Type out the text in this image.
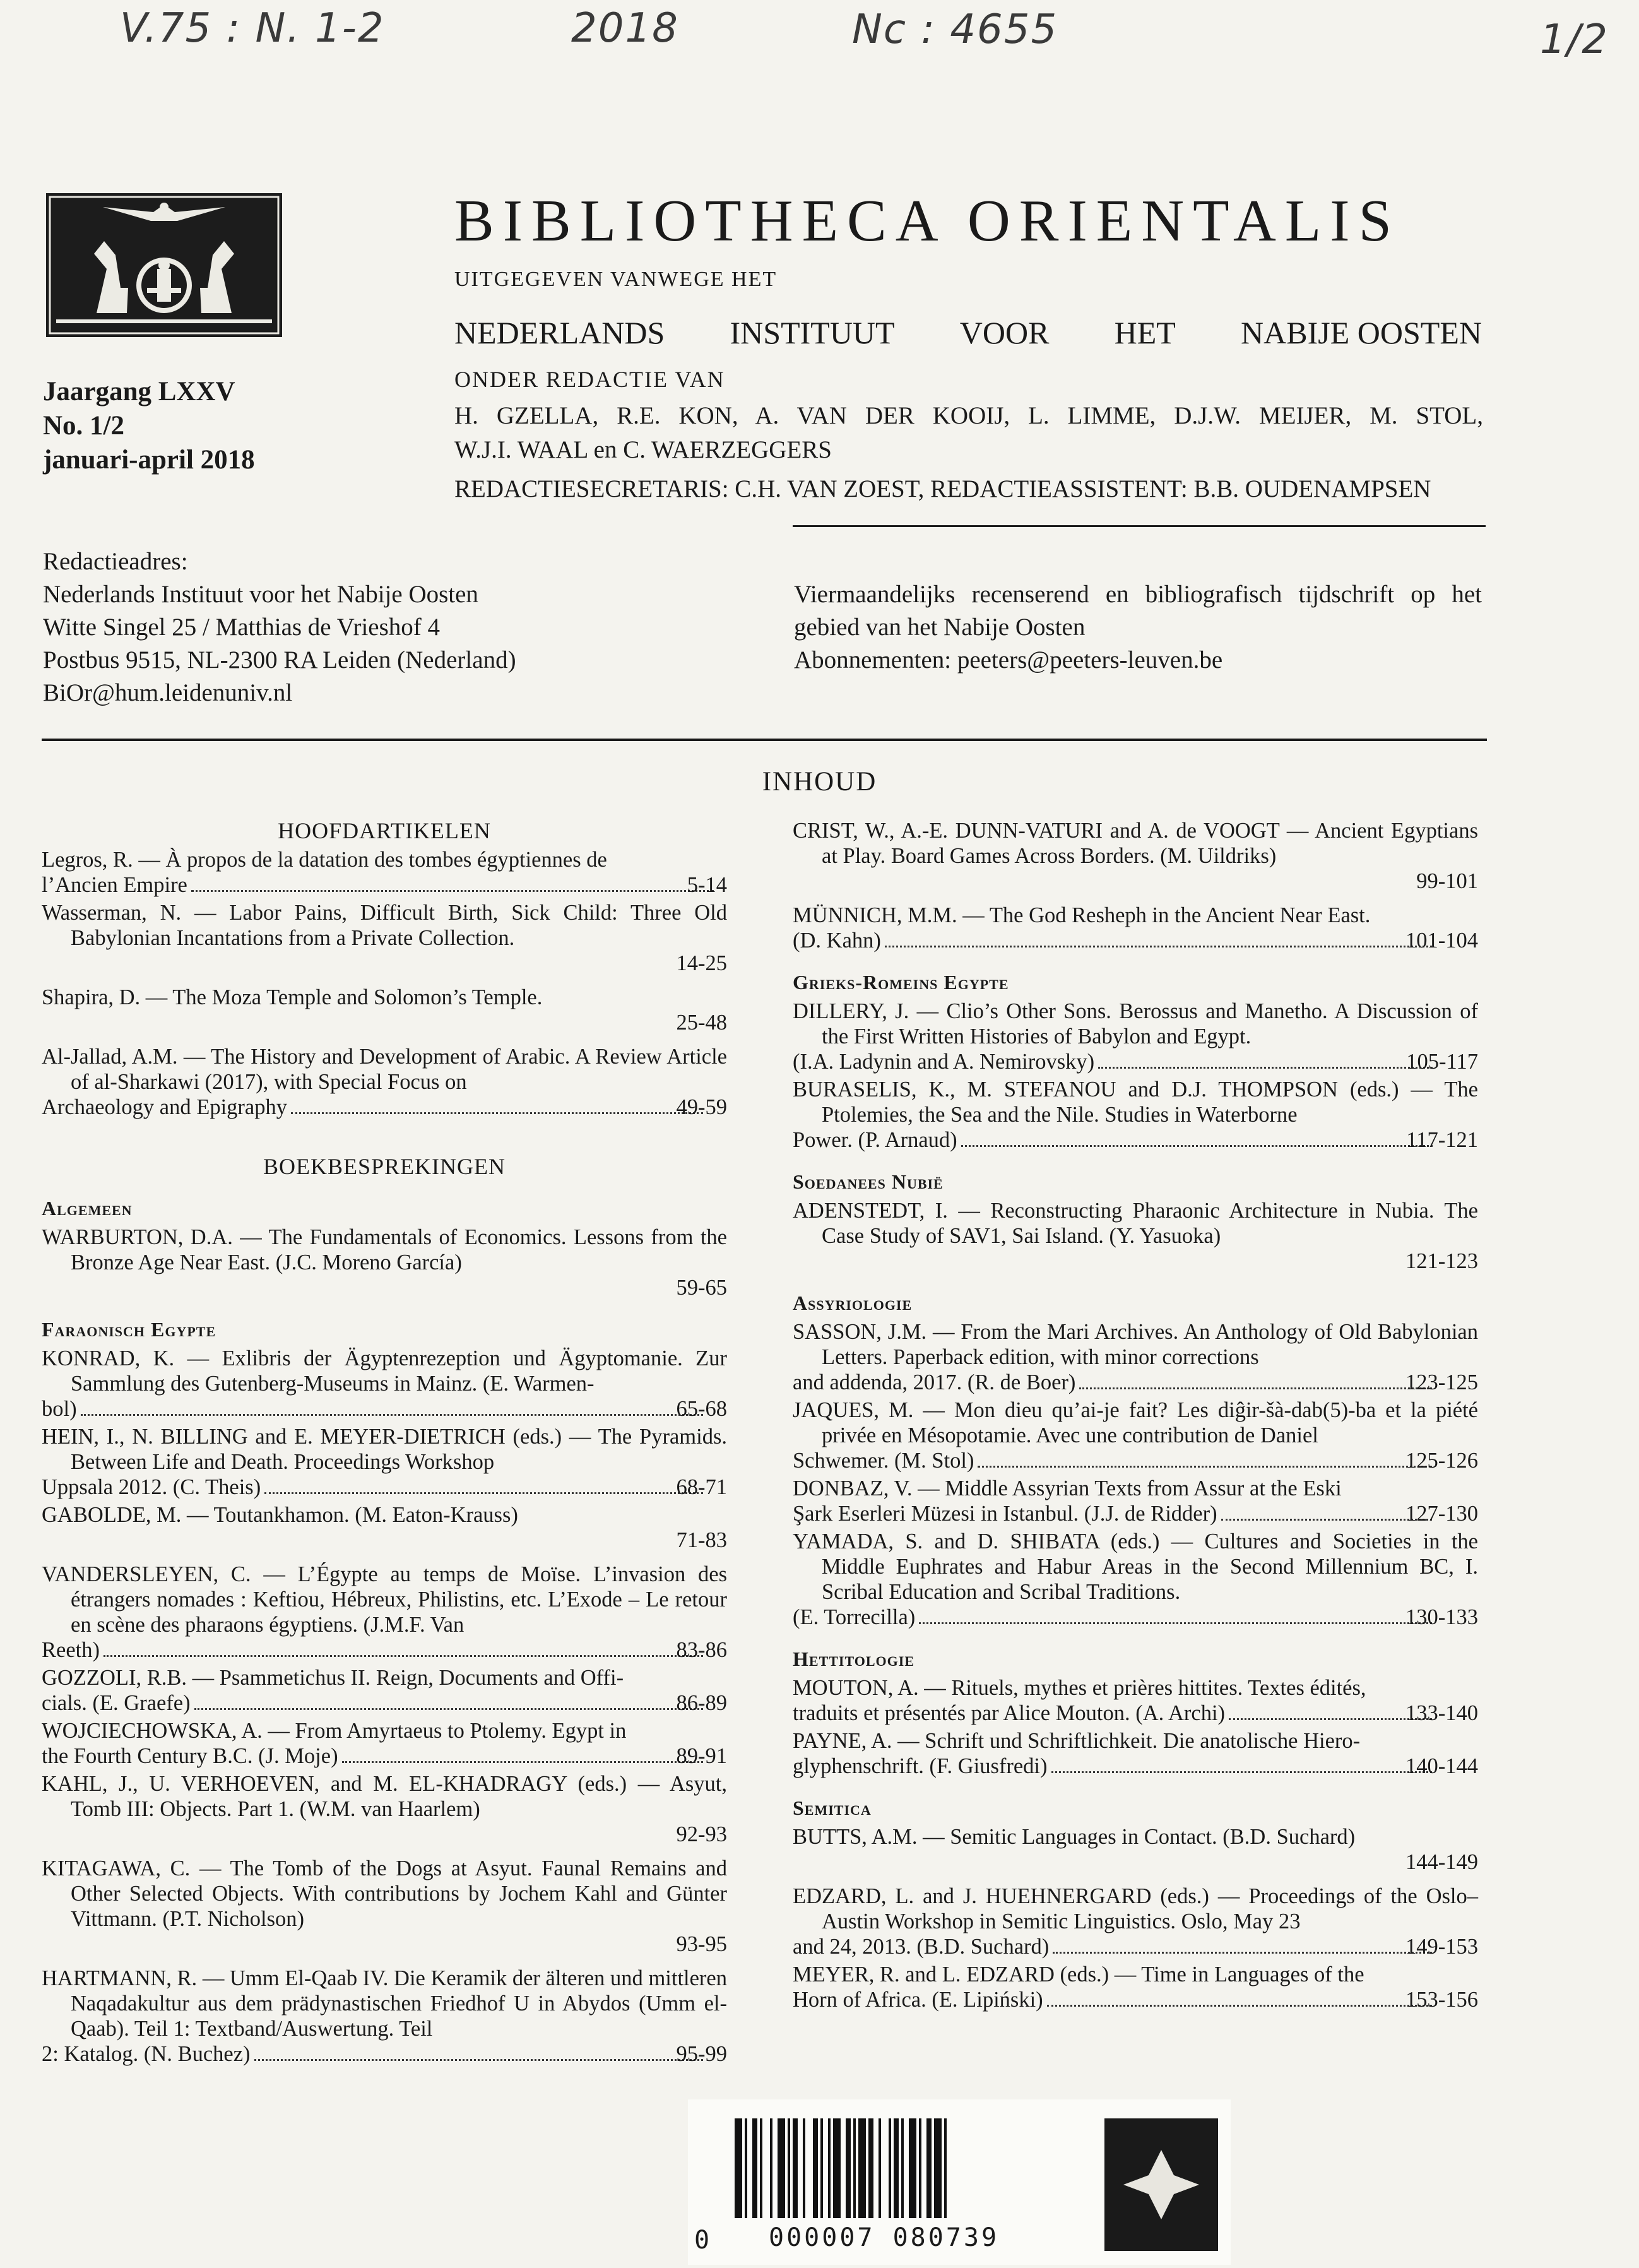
V.75 : N. 1-2	2018	Nc : 4655	1/2
BIBLIOTHECA ORIENTALIS
UITGEGEVEN VANWEGE HET
NEDERLANDS INSTITUUT VOOR HET NABIJE OOSTEN
ONDER REDACTIE VAN
H. GZELLA, R.E. KON, A. VAN DER KOOIJ, L. LIMME, D.J.W. MEIJER, M. STOL,
W.J.I. WAAL en C. WAERZEGGERS
REDACTIESECRETARIS: C.H. VAN ZOEST, REDACTIEASSISTENT: B.B. OUDENAMPSEN
Jaargang LXXV
No. 1/2
januari-april 2018
Redactieadres:
Nederlands Instituut voor het Nabije Oosten
Witte Singel 25 / Matthias de Vrieshof 4
Postbus 9515, NL-2300 RA Leiden (Nederland)
BiOr@hum.leidenuniv.nl
Viermaandelijks recenserend en bibliografisch tijdschrift op het gebied van het Nabije Oosten
Abonnementen: peeters@peeters-leuven.be
INHOUD
HOOFDARTIKELEN
Legros, R. — À propos de la datation des tombes égyptiennes de
l’Ancien Empire	5-14
Wasserman, N. — Labor Pains, Difficult Birth, Sick Child: Three Old Babylonian Incantations from a Private Collection.
14-25
Shapira, D. — The Moza Temple and Solomon’s Temple.
25-48
Al-Jallad, A.M. — The History and Development of Arabic. A Review Article of al-Sharkawi (2017), with Special Focus on
Archaeology and Epigraphy	49-59
BOEKBESPREKINGEN
Algemeen
WARBURTON, D.A. — The Fundamentals of Economics. Lessons from the Bronze Age Near East. (J.C. Moreno García)
59-65
Faraonisch Egypte
KONRAD, K. — Exlibris der Ägyptenrezeption und Ägyptomanie. Zur Sammlung des Gutenberg-Museums in Mainz. (E. Warmen-
bol)	65-68
HEIN, I., N. BILLING and E. MEYER-DIETRICH (eds.) — The Pyramids. Between Life and Death. Proceedings Workshop
Uppsala 2012. (C. Theis)	68-71
GABOLDE, M. — Toutankhamon. (M. Eaton-Krauss)
71-83
VANDERSLEYEN, C. — L’Égypte au temps de Moïse. L’invasion des étrangers nomades : Keftiou, Hébreux, Philistins, etc. L’Exode – Le retour en scène des pharaons égyptiens. (J.M.F. Van
Reeth)	83-86
GOZZOLI, R.B. — Psammetichus II. Reign, Documents and Offi-
cials. (E. Graefe)	86-89
WOJCIECHOWSKA, A. — From Amyrtaeus to Ptolemy. Egypt in
the Fourth Century B.C. (J. Moje)	89-91
KAHL, J., U. VERHOEVEN, and M. EL-KHADRAGY (eds.) — Asyut, Tomb III: Objects. Part 1. (W.M. van Haarlem)
92-93
KITAGAWA, C. — The Tomb of the Dogs at Asyut. Faunal Remains and Other Selected Objects. With contributions by Jochem Kahl and Günter Vittmann. (P.T. Nicholson)
93-95
HARTMANN, R. — Umm El-Qaab IV. Die Keramik der älteren und mittleren Naqadakultur aus dem prädynastischen Friedhof U in Abydos (Umm el-Qaab). Teil 1: Textband/Auswertung. Teil
2: Katalog. (N. Buchez)	95-99
CRIST, W., A.-E. DUNN-VATURI and A. de VOOGT — Ancient Egyptians at Play. Board Games Across Borders. (M. Uildriks)
99-101
MÜNNICH, M.M. — The God Resheph in the Ancient Near East.
(D. Kahn)	101-104
Grieks-Romeins Egypte
DILLERY, J. — Clio’s Other Sons. Berossus and Manetho. A Discussion of the First Written Histories of Babylon and Egypt.
(I.A. Ladynin and A. Nemirovsky)	105-117
BURASELIS, K., M. STEFANOU and D.J. THOMPSON (eds.) — The Ptolemies, the Sea and the Nile. Studies in Waterborne
Power. (P. Arnaud)	117-121
Soedanees Nubië
ADENSTEDT, I. — Reconstructing Pharaonic Architecture in Nubia. The Case Study of SAV1, Sai Island. (Y. Yasuoka)
121-123
Assyriologie
SASSON, J.M. — From the Mari Archives. An Anthology of Old Babylonian Letters. Paperback edition, with minor corrections
and addenda, 2017. (R. de Boer)	123-125
JAQUES, M. — Mon dieu qu’ai-je fait? Les diĝir-šà-dab(5)-ba et la piété privée en Mésopotamie. Avec une contribution de Daniel
Schwemer. (M. Stol)	125-126
DONBAZ, V. — Middle Assyrian Texts from Assur at the Eski
Şark Eserleri Müzesi in Istanbul. (J.J. de Ridder)	127-130
YAMADA, S. and D. SHIBATA (eds.) — Cultures and Societies in the Middle Euphrates and Habur Areas in the Second Millennium BC, I. Scribal Education and Scribal Traditions.
(E. Torrecilla)	130-133
Hettitologie
MOUTON, A. — Rituels, mythes et prières hittites. Textes édités,
traduits et présentés par Alice Mouton. (A. Archi)	133-140
PAYNE, A. — Schrift und Schriftlichkeit. Die anatolische Hiero-
glyphenschrift. (F. Giusfredi)	140-144
Semitica
BUTTS, A.M. — Semitic Languages in Contact. (B.D. Suchard)
144-149
EDZARD, L. and J. HUEHNERGARD (eds.) — Proceedings of the Oslo–Austin Workshop in Semitic Linguistics. Oslo, May 23
and 24, 2013. (B.D. Suchard)	149-153
MEYER, R. and L. EDZARD (eds.) — Time in Languages of the
Horn of Africa. (E. Lipiński)	153-156
0 000007 080739
